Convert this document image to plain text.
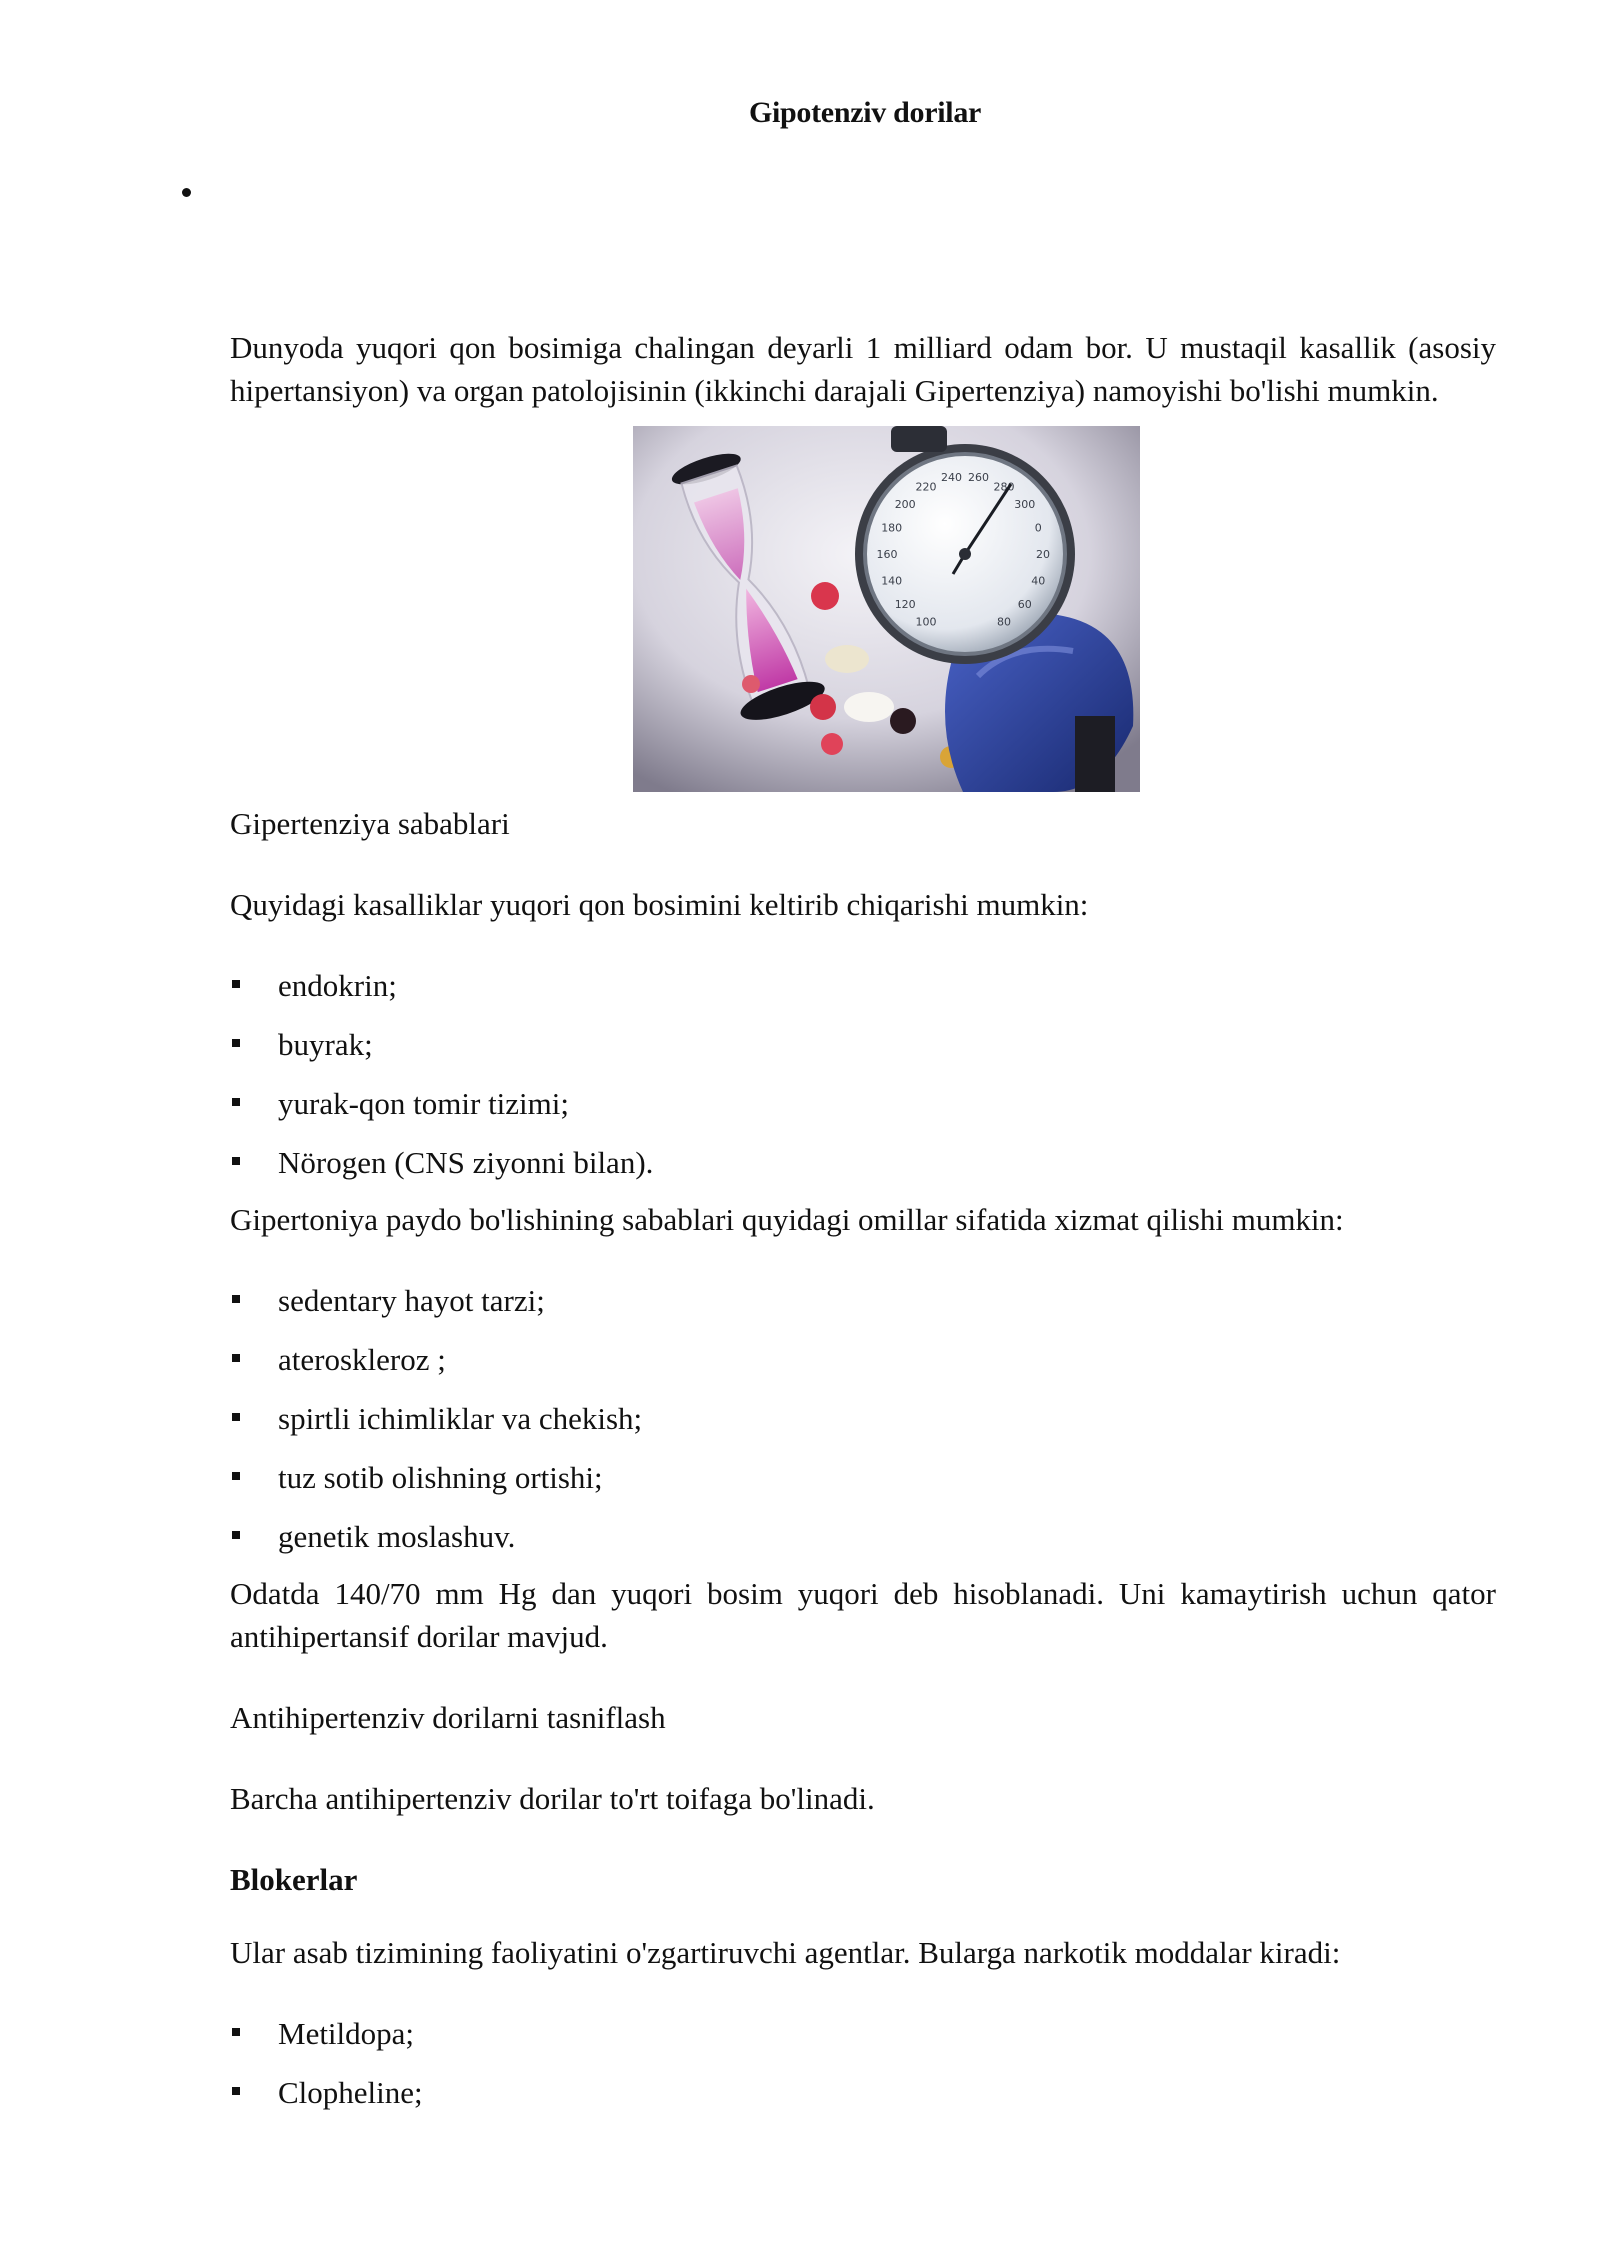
Gipotenziv dorilar

Dunyoda yuqori qon bosimiga chalingan deyarli 1 milliard odam bor. U mustaqil kasallik (asosiy hipertansiyon) va organ patolojisinin (ikkinchi darajali Gipertenziya) namoyishi bo'lishi mumkin.

100
120
140
160
180
200
220
240 260
280
300
0
20
40
60
80

Gipertenziya sabablari

Quyidagi kasalliklar yuqori qon bosimini keltirib chiqarishi mumkin:

endokrin;
buyrak;
yurak-qon tomir tizimi;
Nörogen (CNS ziyonni bilan).

Gipertoniya paydo bo'lishining sabablari quyidagi omillar sifatida xizmat qilishi mumkin:

sedentary hayot tarzi;
ateroskleroz ;
spirtli ichimliklar va chekish;
tuz sotib olishning ortishi;
genetik moslashuv.

Odatda 140/70 mm Hg dan yuqori bosim yuqori deb hisoblanadi. Uni kamaytirish uchun qator antihipertansif dorilar mavjud.

Antihipertenziv dorilarni tasniflash

Barcha antihipertenziv dorilar to'rt toifaga bo'linadi.

Blokerlar

Ular asab tizimining faoliyatini o'zgartiruvchi agentlar. Bularga narkotik moddalar kiradi:

Metildopa;
Clopheline;
